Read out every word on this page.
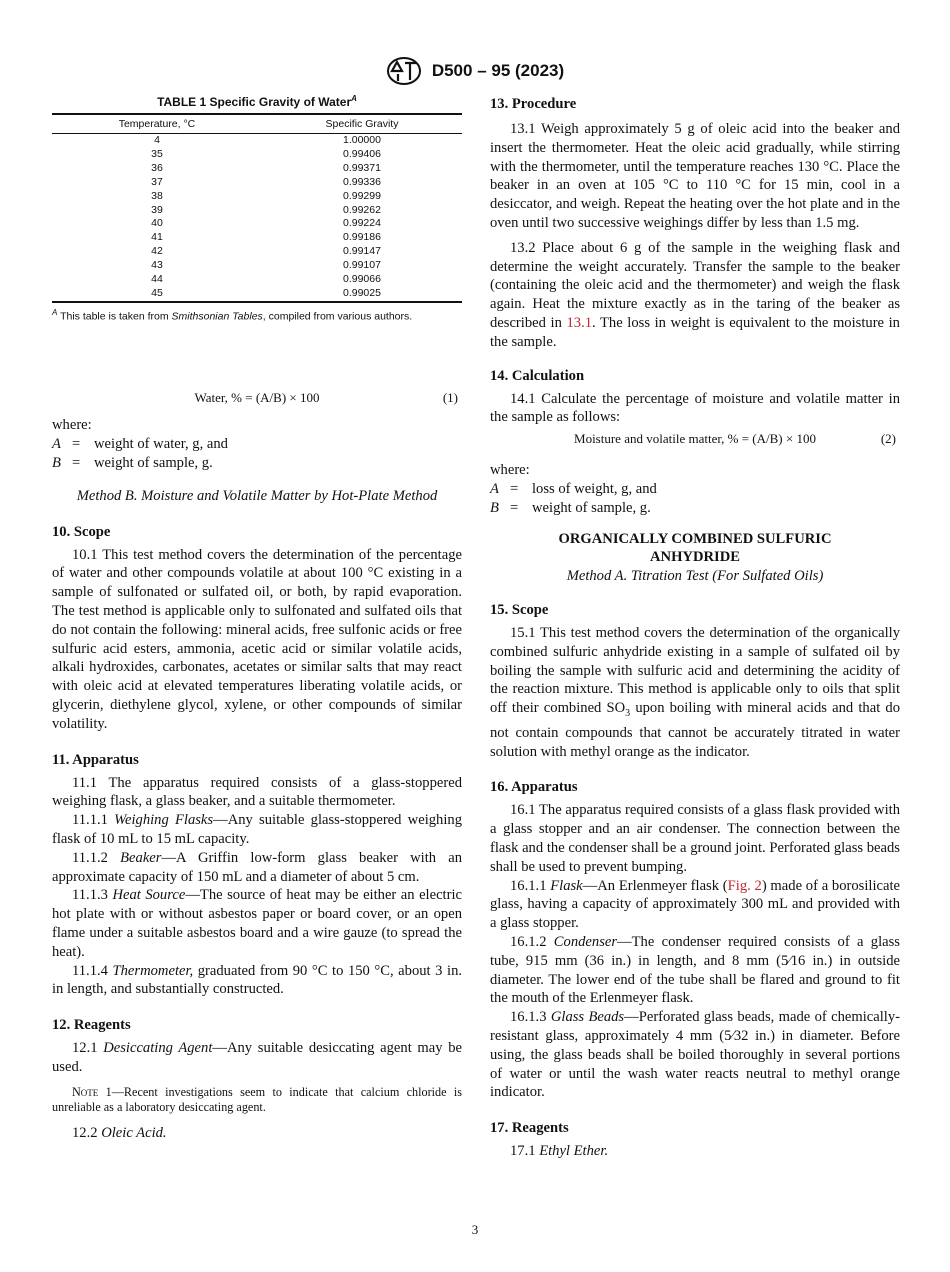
D500 – 95 (2023)
TABLE 1 Specific Gravity of Water$^A$
Temperature, °C	Specific Gravity
4	1.00000
35	0.99406
36	0.99371
37	0.99336
38	0.99299
39	0.99262
40	0.99224
41	0.99186
42	0.99147
43	0.99107
44	0.99066
45	0.99025
$^A$ This table is taken from Smithsonian Tables, compiled from various authors.
Water, % = (A/B) × 100	(1)
where:
A = weight of water, g, and
B = weight of sample, g.

Method B. Moisture and Volatile Matter by Hot-Plate Method

10. Scope

10.1 This test method covers the determination of the percentage of water and other compounds volatile at about 100 °C existing in a sample of sulfonated or sulfated oil, or both, by rapid evaporation. The test method is applicable only to sulfonated and sulfated oils that do not contain the following: mineral acids, free sulfonic acids or free sulfuric acid esters, ammonia, acetic acid or similar volatile acids, alkali hydroxides, carbonates, acetates or similar salts that may react with oleic acid at elevated temperatures liberating volatile acids, or glycerin, diethylene glycol, xylene, or other compounds of similar volatility.

11. Apparatus

11.1 The apparatus required consists of a glass-stoppered weighing flask, a glass beaker, and a suitable thermometer.

11.1.1 Weighing Flasks—Any suitable glass-stoppered weighing flask of 10 mL to 15 mL capacity.

11.1.2 Beaker—A Griffin low-form glass beaker with an approximate capacity of 150 mL and a diameter of about 5 cm.

11.1.3 Heat Source—The source of heat may be either an electric hot plate with or without asbestos paper or board cover, or an open flame under a suitable asbestos board and a wire gauze (to spread the heat).

11.1.4 Thermometer, graduated from 90 °C to 150 °C, about 3 in. in length, and substantially constructed.

12. Reagents

12.1 Desiccating Agent—Any suitable desiccating agent may be used.

Note 1—Recent investigations seem to indicate that calcium chloride is unreliable as a laboratory desiccating agent.

12.2 Oleic Acid.

13. Procedure

13.1 Weigh approximately 5 g of oleic acid into the beaker and insert the thermometer. Heat the oleic acid gradually, while stirring with the thermometer, until the temperature reaches 130 °C. Place the beaker in an oven at 105 °C to 110 °C for 15 min, cool in a desiccator, and weigh. Repeat the heating over the hot plate and in the oven until two successive weighings differ by less than 1.5 mg.

13.2 Place about 6 g of the sample in the weighing flask and determine the weight accurately. Transfer the sample to the beaker (containing the oleic acid and the thermometer) and weigh the flask again. Heat the mixture exactly as in the taring of the beaker as described in 13.1. The loss in weight is equivalent to the moisture in the sample.

14. Calculation

14.1 Calculate the percentage of moisture and volatile matter in the sample as follows:

Moisture and volatile matter, % = (A/B) × 100	(2)
where:
A = loss of weight, g, and
B = weight of sample, g.

ORGANICALLY COMBINED SULFURIC ANHYDRIDE

Method A. Titration Test (For Sulfated Oils)

15. Scope

15.1 This test method covers the determination of the organically combined sulfuric anhydride existing in a sample of sulfated oil by boiling the sample with sulfuric acid and determining the acidity of the reaction mixture. This method is applicable only to oils that split off their combined $SO_3$ upon boiling with mineral acids and that do not contain compounds that cannot be accurately titrated in water solution with methyl orange as the indicator.

16. Apparatus

16.1 The apparatus required consists of a glass flask provided with a glass stopper and an air condenser. The connection between the flask and the condenser shall be a ground joint. Perforated glass beads shall be used to prevent bumping.

16.1.1 Flask—An Erlenmeyer flask (Fig. 2) made of a borosilicate glass, having a capacity of approximately 300 mL and provided with a glass stopper.

16.1.2 Condenser—The condenser required consists of a glass tube, 915 mm (36 in.) in length, and 8 mm (5⁄16 in.) in outside diameter. The lower end of the tube shall be flared and ground to fit the mouth of the Erlenmeyer flask.

16.1.3 Glass Beads—Perforated glass beads, made of chemically-resistant glass, approximately 4 mm (5⁄32 in.) in diameter. Before using, the glass beads shall be boiled thoroughly in several portions of water or until the wash water reacts neutral to methyl orange indicator.

17. Reagents

17.1 Ethyl Ether.

3
